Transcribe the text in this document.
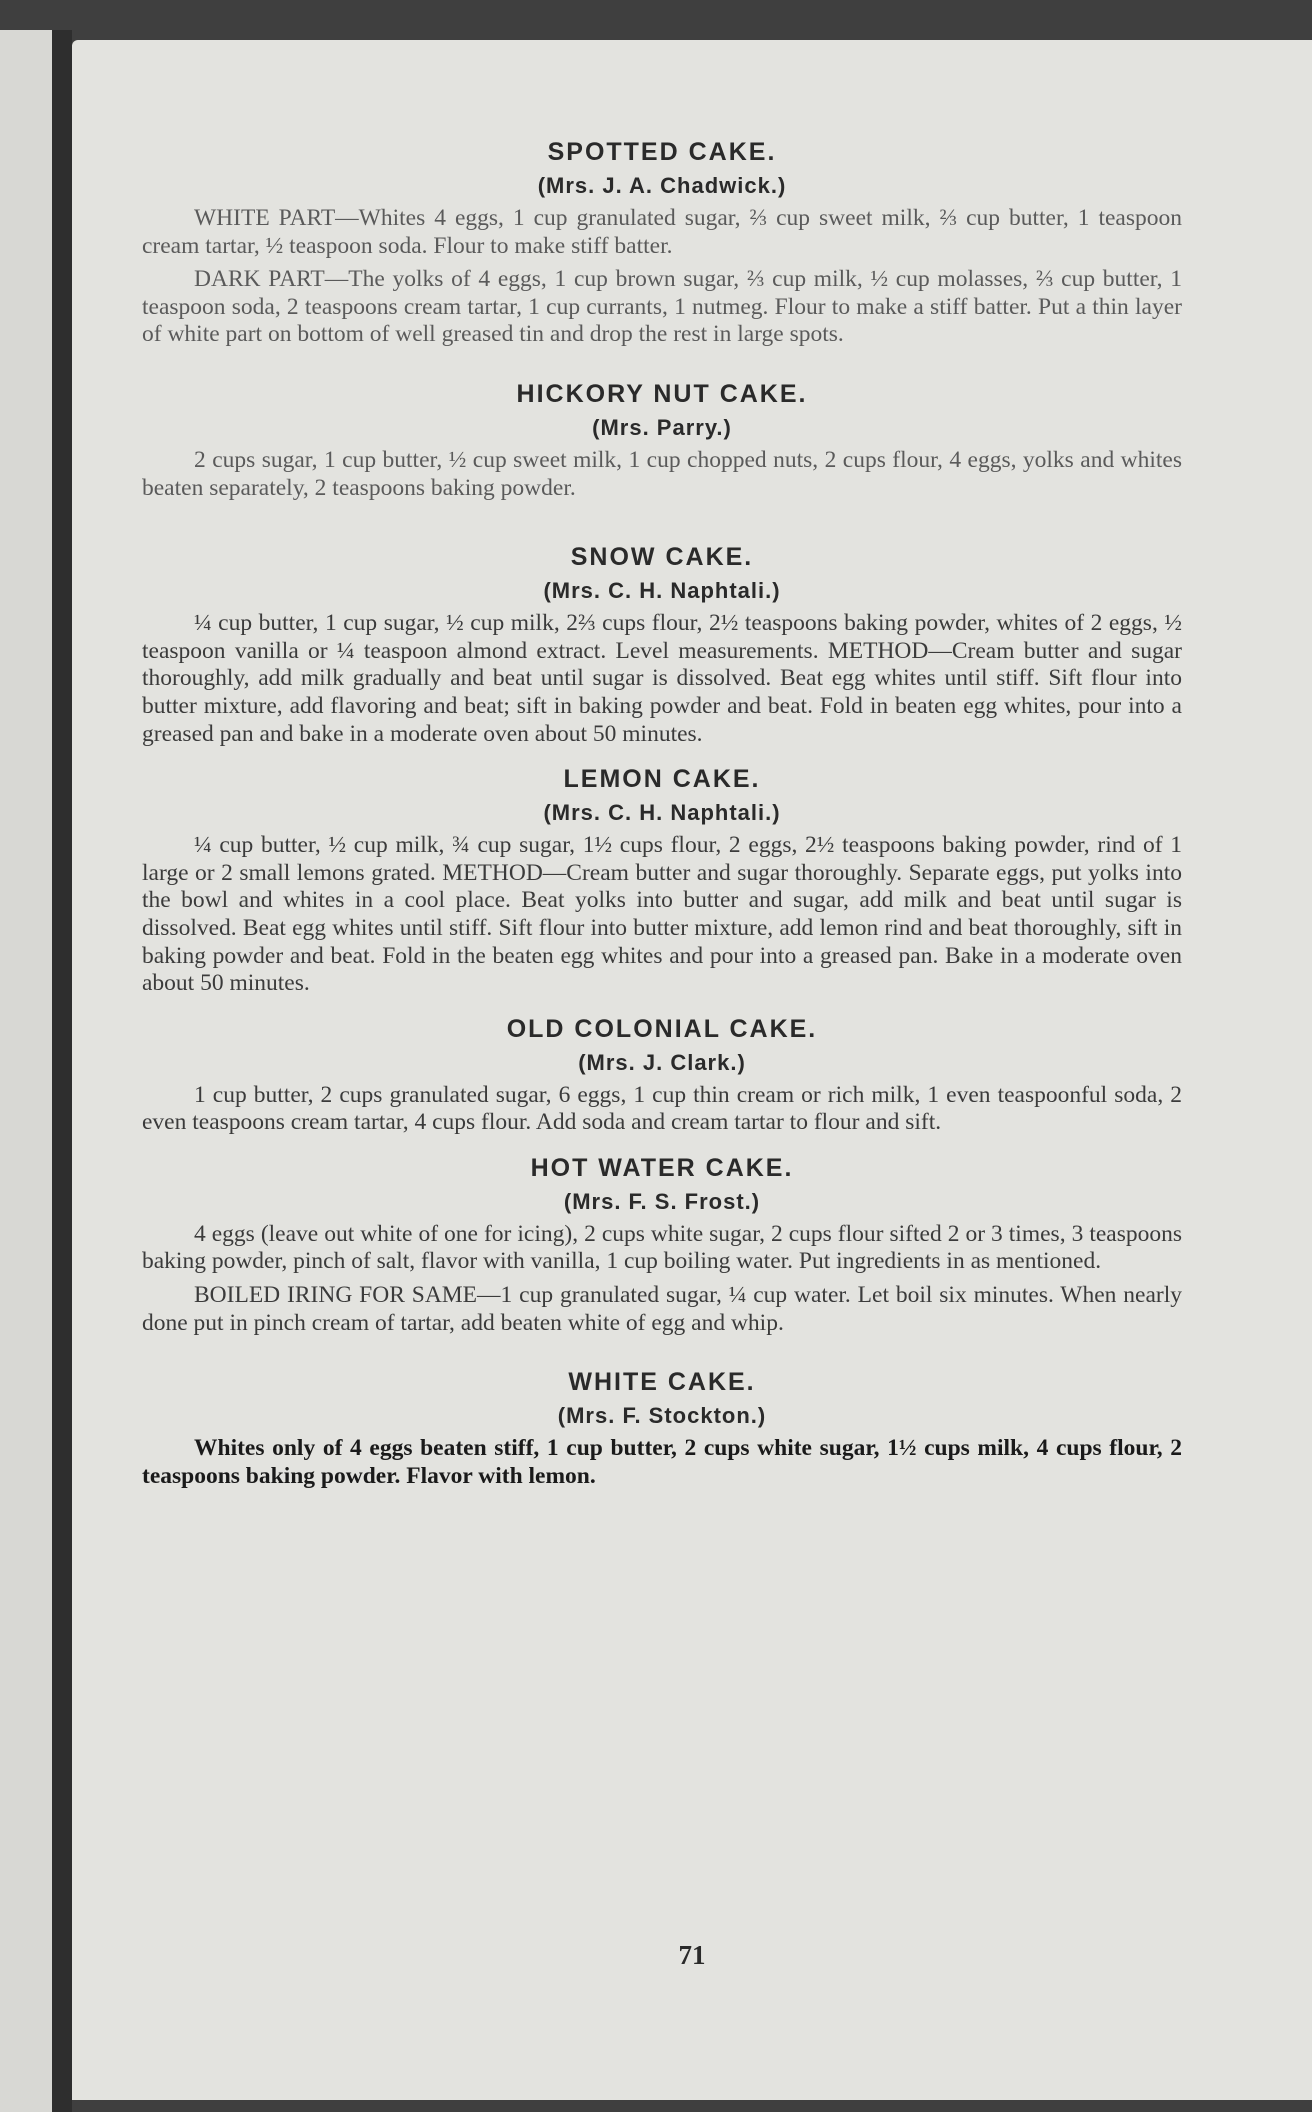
SPOTTED CAKE.
(Mrs. J. A. Chadwick.)

WHITE PART—Whites 4 eggs, 1 cup granulated sugar, ⅔ cup sweet milk, ⅔ cup butter, 1 teaspoon cream tartar, ½ teaspoon soda. Flour to make stiff batter.

DARK PART—The yolks of 4 eggs, 1 cup brown sugar, ⅔ cup milk, ½ cup molasses, ⅔ cup butter, 1 teaspoon soda, 2 teaspoons cream tartar, 1 cup currants, 1 nutmeg. Flour to make a stiff batter. Put a thin layer of white part on bottom of well greased tin and drop the rest in large spots.

HICKORY NUT CAKE.
(Mrs. Parry.)

2 cups sugar, 1 cup butter, ½ cup sweet milk, 1 cup chopped nuts, 2 cups flour, 4 eggs, yolks and whites beaten separately, 2 teaspoons baking powder.

SNOW CAKE.
(Mrs. C. H. Naphtali.)

¼ cup butter, 1 cup sugar, ½ cup milk, 2⅔ cups flour, 2½ teaspoons baking powder, whites of 2 eggs, ½ teaspoon vanilla or ¼ teaspoon almond extract. Level measurements. METHOD—Cream butter and sugar thoroughly, add milk gradually and beat until sugar is dissolved. Beat egg whites until stiff. Sift flour into butter mixture, add flavoring and beat; sift in baking powder and beat. Fold in beaten egg whites, pour into a greased pan and bake in a moderate oven about 50 minutes.

LEMON CAKE.
(Mrs. C. H. Naphtali.)

¼ cup butter, ½ cup milk, ¾ cup sugar, 1½ cups flour, 2 eggs, 2½ teaspoons baking powder, rind of 1 large or 2 small lemons grated. METHOD—Cream butter and sugar thoroughly. Separate eggs, put yolks into the bowl and whites in a cool place. Beat yolks into butter and sugar, add milk and beat until sugar is dissolved. Beat egg whites until stiff. Sift flour into butter mixture, add lemon rind and beat thoroughly, sift in baking powder and beat. Fold in the beaten egg whites and pour into a greased pan. Bake in a moderate oven about 50 minutes.

OLD COLONIAL CAKE.
(Mrs. J. Clark.)

1 cup butter, 2 cups granulated sugar, 6 eggs, 1 cup thin cream or rich milk, 1 even teaspoonful soda, 2 even teaspoons cream tartar, 4 cups flour. Add soda and cream tartar to flour and sift.

HOT WATER CAKE.
(Mrs. F. S. Frost.)

4 eggs (leave out white of one for icing), 2 cups white sugar, 2 cups flour sifted 2 or 3 times, 3 teaspoons baking powder, pinch of salt, flavor with vanilla, 1 cup boiling water. Put ingredients in as mentioned.

BOILED IRING FOR SAME—1 cup granulated sugar, ¼ cup water. Let boil six minutes. When nearly done put in pinch cream of tartar, add beaten white of egg and whip.

WHITE CAKE.
(Mrs. F. Stockton.)

Whites only of 4 eggs beaten stiff, 1 cup butter, 2 cups white sugar, 1½ cups milk, 4 cups flour, 2 teaspoons baking powder. Flavor with lemon.

71
